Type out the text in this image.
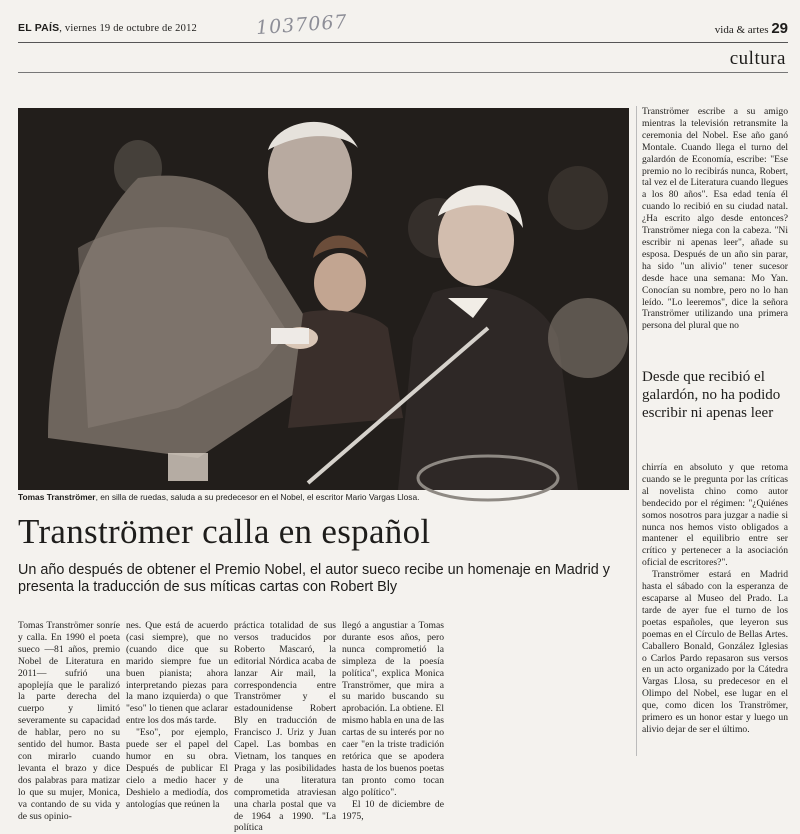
EL PAÍS, viernes 19 de octubre de 2012	1037067	vida & artes 29
cultura
Tomas Tranströmer, en silla de ruedas, saluda a su predecesor en el Nobel, el escritor Mario Vargas Llosa.

Tranströmer escribe a su amigo mientras la televisión retransmite la ceremonia del Nobel. Ese año ganó Montale. Cuando llega el turno del galardón de Economía, escribe: "Ese premio no lo recibirás nunca, Robert, tal vez el de Literatura cuando llegues a los 80 años". Esa edad tenía él cuando lo recibió en su ciudad natal. ¿Ha escrito algo desde entonces? Tranströmer niega con la cabeza. "Ni escribir ni apenas leer", añade su esposa. Después de un año sin parar, ha sido "un alivio" tener sucesor desde hace una semana: Mo Yan. Conocían su nombre, pero no lo han leído. "Lo leeremos", dice la señora Tranströmer utilizando una primera persona del plural que no

Desde que recibió el galardón, no ha podido escribir ni apenas leer

chirría en absoluto y que retoma cuando se le pregunta por las críticas al novelista chino como autor bendecido por el régimen: "¿Quiénes somos nosotros para juzgar a nadie si nunca nos hemos visto obligados a mantener el equilibrio entre ser crítico y pertenecer a la asociación oficial de escritores?".

Tranströmer estará en Madrid hasta el sábado con la esperanza de escaparse al Museo del Prado. La tarde de ayer fue el turno de los poetas españoles, que leyeron sus poemas en el Círculo de Bellas Artes. Caballero Bonald, González Iglesias o Carlos Pardo repasaron sus versos en un acto organizado por la Cátedra Vargas Llosa, su predecesor en el Olimpo del Nobel, ese lugar en el que, como dicen los Tranströmer, primero es un honor estar y luego un alivio dejar de ser el último.

Tranströmer calla en español
Un año después de obtener el Premio Nobel, el autor sueco recibe un homenaje en Madrid y presenta la traducción de sus míticas cartas con Robert Bly

Tomas Tranströmer sonríe y calla. En 1990 el poeta sueco —81 años, premio Nobel de Literatura en 2011— sufrió una apoplejía que le paralizó la parte derecha del cuerpo y limitó severamente su capacidad de hablar, pero no su sentido del humor. Basta con mirarlo cuando levanta el brazo y dice dos palabras para matizar lo que su mujer, Monica, va contando de su vida y de sus opinio-

nes. Que está de acuerdo (casi siempre), que no (cuando dice que su marido siempre fue un buen pianista; ahora interpretando piezas para la mano izquierda) o que "eso" lo tienen que aclarar entre los dos más tarde.

"Eso", por ejemplo, puede ser el papel del humor en su obra. Después de publicar El cielo a medio hacer y Deshielo a mediodía, dos antologías que reúnen la

práctica totalidad de sus versos traducidos por Roberto Mascaró, la editorial Nórdica acaba de lanzar Air mail, la correspondencia entre Tranströmer y el estadounidense Robert Bly en traducción de Francisco J. Uriz y Juan Capel. Las bombas en Vietnam, los tanques en Praga y las posibilidades de una literatura comprometida atraviesan una charla postal que va de 1964 a 1990. "La política

llegó a angustiar a Tomas durante esos años, pero nunca comprometió la simpleza de la poesía política", explica Monica Tranströmer, que mira a su marido buscando su aprobación. La obtiene. El mismo habla en una de las cartas de su interés por no caer "en la triste tradición retórica que se apodera hasta de los buenos poetas tan pronto como tocan algo político".

El 10 de diciembre de 1975,
